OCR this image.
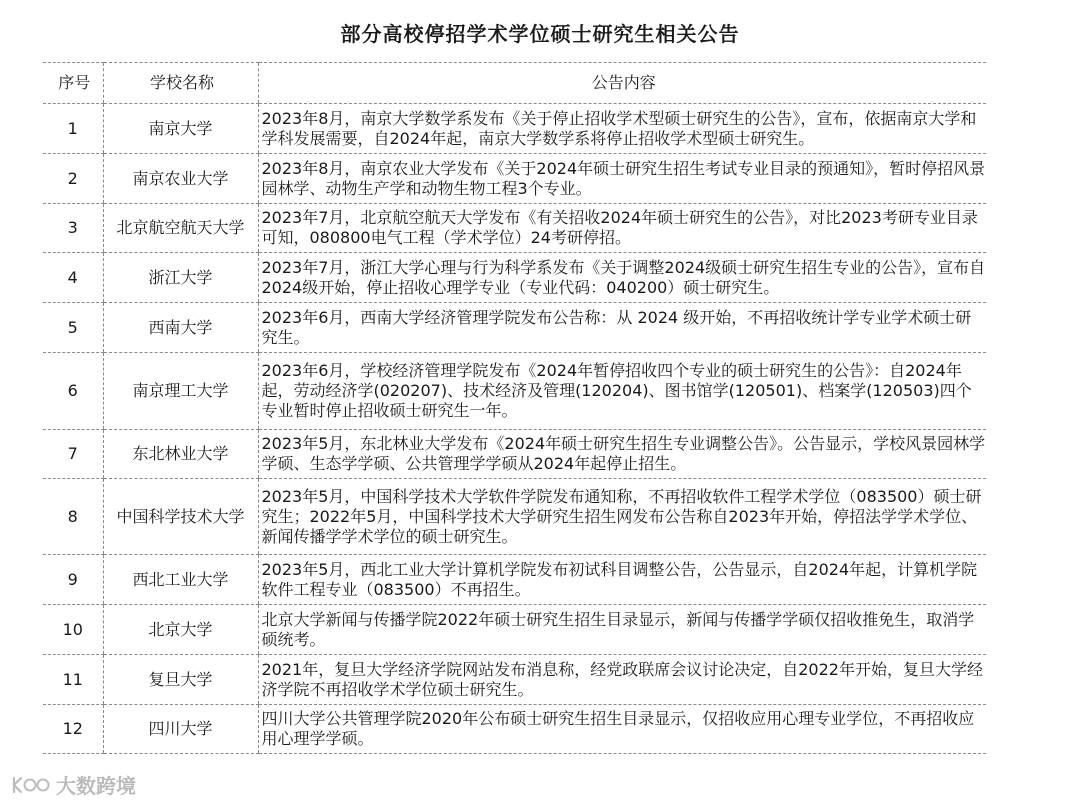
部分高校停招学术学位硕士研究生相关公告
序号	学校名称	公告内容
1	南京大学	2023年8月，南京大学数学系发布《关于停止招收学术型硕士研究生的公告》，宣布，依据南京大学和学科发展需要，自2024年起，南京大学数学系将停止招收学术型硕士研究生。
2	南京农业大学	2023年8月，南京农业大学发布《关于2024年硕士研究生招生考试专业目录的预通知》，暂时停招风景园林学、动物生产学和动物生物工程3个专业。
3	北京航空航天大学	2023年7月，北京航空航天大学发布《有关招收2024年硕士研究生的公告》，对比2023考研专业目录可知，080800电气工程（学术学位）24考研停招。
4	浙江大学	2023年7月，浙江大学心理与行为科学系发布《关于调整2024级硕士研究生招生专业的公告》，宣布自2024级开始，停止招收心理学专业（专业代码：040200）硕士研究生。
5	西南大学	2023年6月，西南大学经济管理学院发布公告称：从 2024 级开始，不再招收统计学专业学术硕士研究生。
6	南京理工大学	2023年6月，学校经济管理学院发布《2024年暂停招收四个专业的硕士研究生的公告》：自2024年起，劳动经济学(020207)、技术经济及管理(120204)、图书馆学(120501)、档案学(120503)四个专业暂时停止招收硕士研究生一年。
7	东北林业大学	2023年5月，东北林业大学发布《2024年硕士研究生招生专业调整公告》。公告显示，学校风景园林学学硕、生态学学硕、公共管理学学硕从2024年起停止招生。
8	中国科学技术大学	2023年5月，中国科学技术大学软件学院发布通知称，不再招收软件工程学术学位（083500）硕士研究生；2022年5月，中国科学技术大学研究生招生网发布公告称自2023年开始，停招法学学术学位、新闻传播学学术学位的硕士研究生。
9	西北工业大学	2023年5月，西北工业大学计算机学院发布初试科目调整公告，公告显示，自2024年起，计算机学院软件工程专业（083500）不再招生。
10	北京大学	北京大学新闻与传播学院2022年硕士研究生招生目录显示，新闻与传播学学硕仅招收推免生，取消学硕统考。
11	复旦大学	2021年，复旦大学经济学院网站发布消息称，经党政联席会议讨论决定，自2022年开始，复旦大学经济学院不再招收学术学位硕士研究生。
12	四川大学	四川大学公共管理学院2020年公布硕士研究生招生目录显示，仅招收应用心理专业学位，不再招收应用心理学学硕。
大数跨境
